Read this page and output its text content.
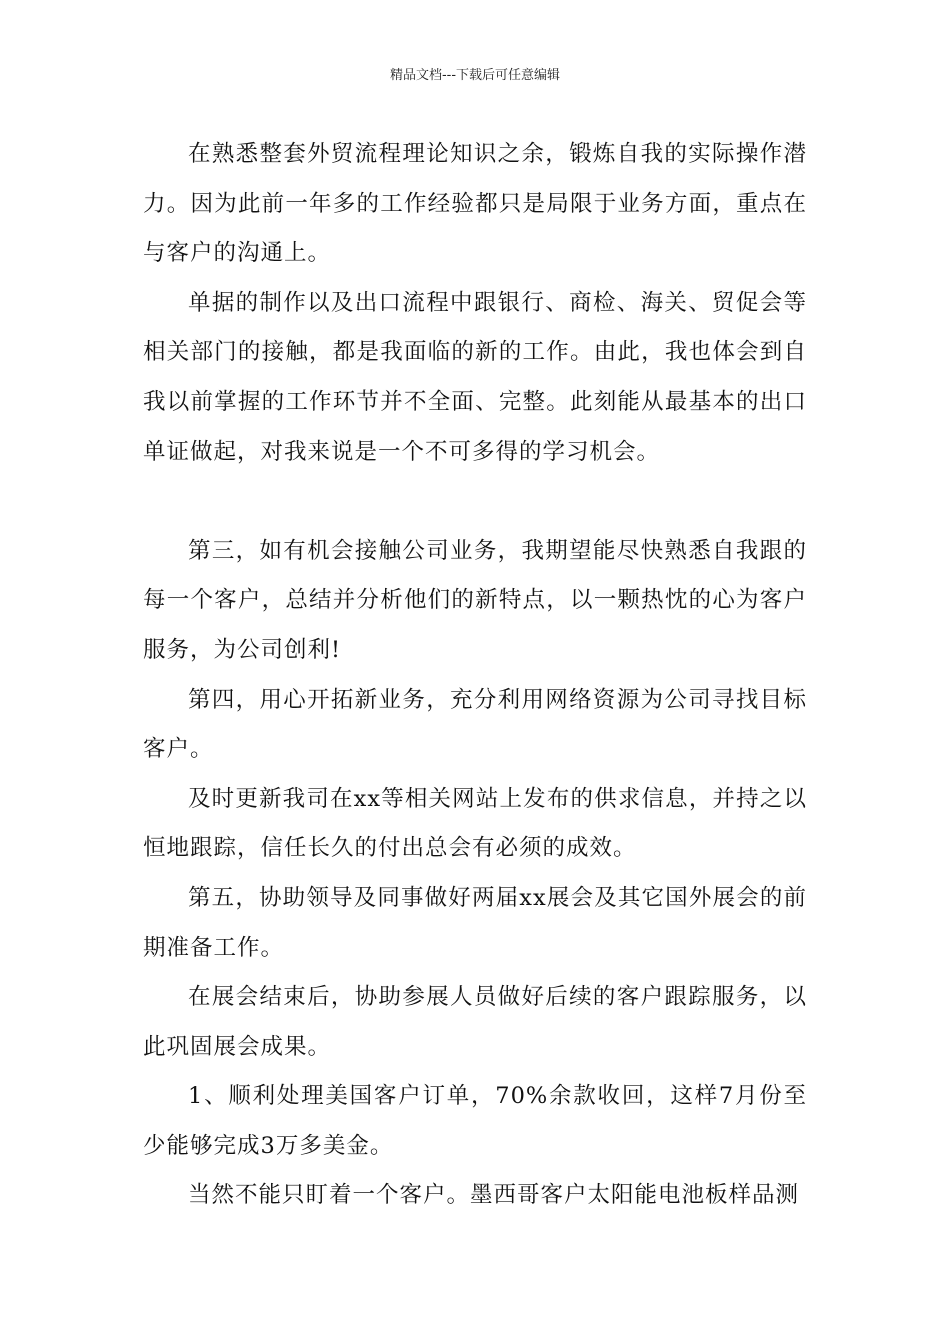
精品文档---下载后可任意编辑

在熟悉整套外贸流程理论知识之余，锻炼自我的实际操作潜力。因为此前一年多的工作经验都只是局限于业务方面，重点在与客户的沟通上。

单据的制作以及出口流程中跟银行、商检、海关、贸促会等相关部门的接触，都是我面临的新的工作。由此，我也体会到自我以前掌握的工作环节并不全面、完整。此刻能从最基本的出口单证做起，对我来说是一个不可多得的学习机会。

第三，如有机会接触公司业务，我期望能尽快熟悉自我跟的每一个客户，总结并分析他们的新特点，以一颗热忱的心为客户服务，为公司创利!

第四，用心开拓新业务，充分利用网络资源为公司寻找目标客户。

及时更新我司在xx等相关网站上发布的供求信息，并持之以恒地跟踪，信任长久的付出总会有必须的成效。

第五，协助领导及同事做好两届xx展会及其它国外展会的前期准备工作。

在展会结束后，协助参展人员做好后续的客户跟踪服务，以此巩固展会成果。

1、顺利处理美国客户订单，70%余款收回，这样7月份至少能够完成3万多美金。

当然不能只盯着一个客户。墨西哥客户太阳能电池板样品测
